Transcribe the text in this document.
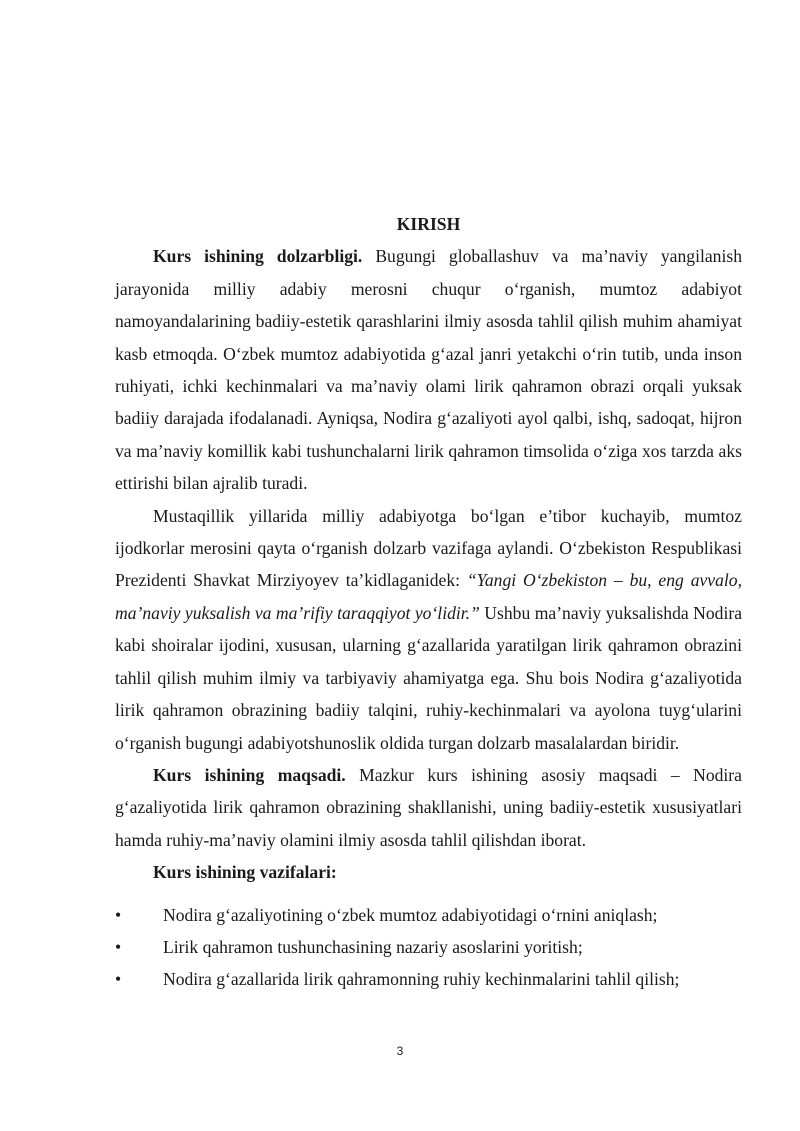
KIRISH

Kurs ishining dolzarbligi. Bugungi globallashuv va ma’naviy yangilanish jarayonida milliy adabiy merosni chuqur o‘rganish, mumtoz adabiyot namoyandalarining badiiy-estetik qarashlarini ilmiy asosda tahlil qilish muhim ahamiyat kasb etmoqda. O‘zbek mumtoz adabiyotida g‘azal janri yetakchi o‘rin tutib, unda inson ruhiyati, ichki kechinmalari va ma’naviy olami lirik qahramon obrazi orqali yuksak badiiy darajada ifodalanadi. Ayniqsa, Nodira g‘azaliyoti ayol qalbi, ishq, sadoqat, hijron va ma’naviy komillik kabi tushunchalarni lirik qahramon timsolida o‘ziga xos tarzda aks ettirishi bilan ajralib turadi.

Mustaqillik yillarida milliy adabiyotga bo‘lgan e’tibor kuchayib, mumtoz ijodkorlar merosini qayta o‘rganish dolzarb vazifaga aylandi. O‘zbekiston Respublikasi Prezidenti Shavkat Mirziyoyev ta’kidlaganidek: “Yangi O‘zbekiston – bu, eng avvalo, ma’naviy yuksalish va ma’rifiy taraqqiyot yo‘lidir.” Ushbu ma’naviy yuksalishda Nodira kabi shoiralar ijodini, xususan, ularning g‘azallarida yaratilgan lirik qahramon obrazini tahlil qilish muhim ilmiy va tarbiyaviy ahamiyatga ega. Shu bois Nodira g‘azaliyotida lirik qahramon obrazining badiiy talqini, ruhiy-kechinmalari va ayolona tuyg‘ularini o‘rganish bugungi adabiyotshunoslik oldida turgan dolzarb masalalardan biridir.

Kurs ishining maqsadi. Mazkur kurs ishining asosiy maqsadi – Nodira g‘azaliyotida lirik qahramon obrazining shakllanishi, uning badiiy-estetik xususiyatlari hamda ruhiy-ma’naviy olamini ilmiy asosda tahlil qilishdan iborat.

Kurs ishining vazifalari:

• Nodira g‘azaliyotining o‘zbek mumtoz adabiyotidagi o‘rnini aniqlash;
• Lirik qahramon tushunchasining nazariy asoslarini yoritish;
• Nodira g‘azallarida lirik qahramonning ruhiy kechinmalarini tahlil qilish;
3
